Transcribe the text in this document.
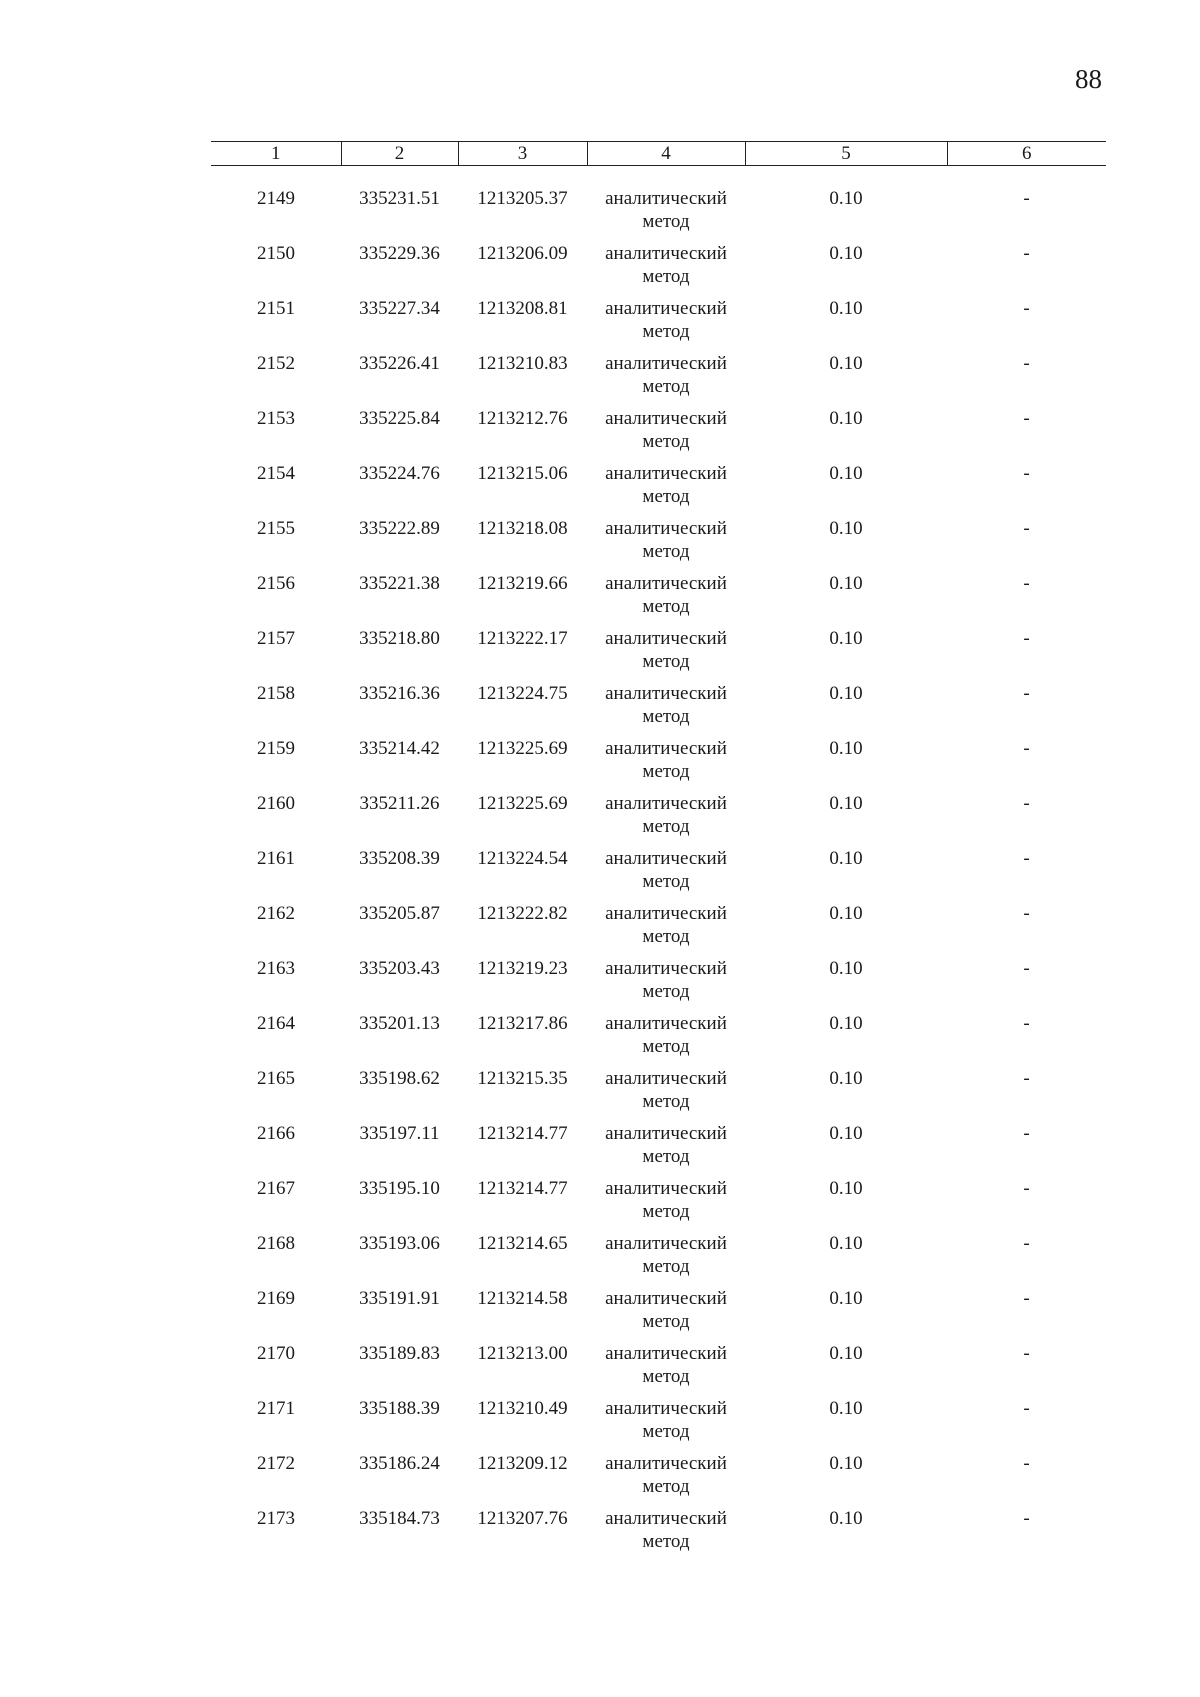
88
1	2	3	4	5	6

2149	335231.51	1213205.37	аналитический
метод	0.10	-
2150	335229.36	1213206.09	аналитический
метод	0.10	-
2151	335227.34	1213208.81	аналитический
метод	0.10	-
2152	335226.41	1213210.83	аналитический
метод	0.10	-
2153	335225.84	1213212.76	аналитический
метод	0.10	-
2154	335224.76	1213215.06	аналитический
метод	0.10	-
2155	335222.89	1213218.08	аналитический
метод	0.10	-
2156	335221.38	1213219.66	аналитический
метод	0.10	-
2157	335218.80	1213222.17	аналитический
метод	0.10	-
2158	335216.36	1213224.75	аналитический
метод	0.10	-
2159	335214.42	1213225.69	аналитический
метод	0.10	-
2160	335211.26	1213225.69	аналитический
метод	0.10	-
2161	335208.39	1213224.54	аналитический
метод	0.10	-
2162	335205.87	1213222.82	аналитический
метод	0.10	-
2163	335203.43	1213219.23	аналитический
метод	0.10	-
2164	335201.13	1213217.86	аналитический
метод	0.10	-
2165	335198.62	1213215.35	аналитический
метод	0.10	-
2166	335197.11	1213214.77	аналитический
метод	0.10	-
2167	335195.10	1213214.77	аналитический
метод	0.10	-
2168	335193.06	1213214.65	аналитический
метод	0.10	-
2169	335191.91	1213214.58	аналитический
метод	0.10	-
2170	335189.83	1213213.00	аналитический
метод	0.10	-
2171	335188.39	1213210.49	аналитический
метод	0.10	-
2172	335186.24	1213209.12	аналитический
метод	0.10	-
2173	335184.73	1213207.76	аналитический
метод	0.10	-
